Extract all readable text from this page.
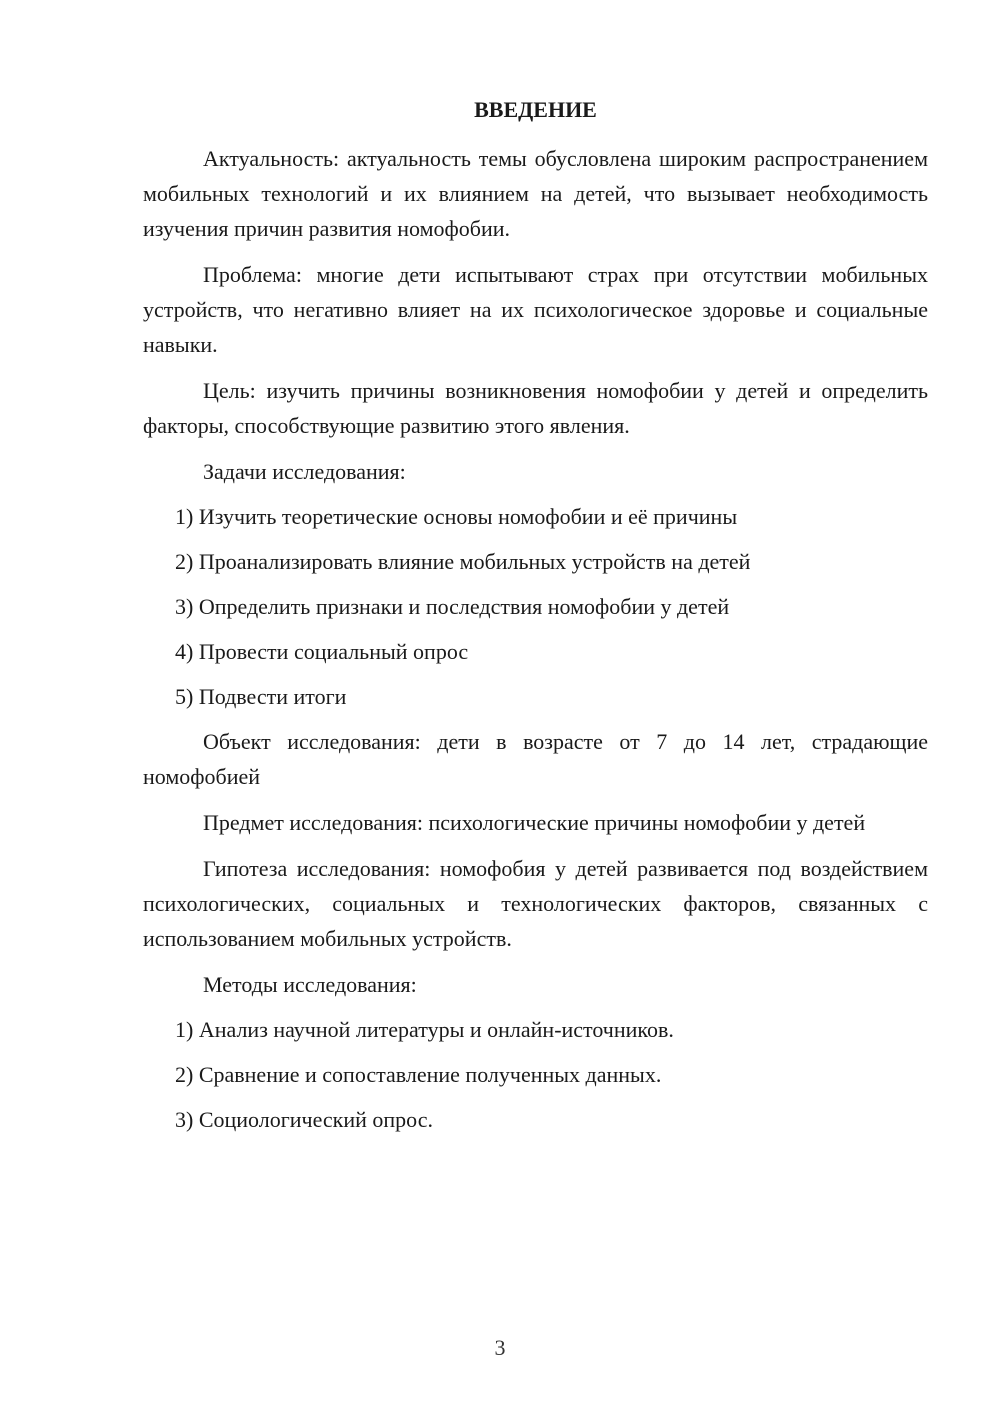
ВВЕДЕНИЕ

Актуальность: актуальность темы обусловлена широким распространением мобильных технологий и их влиянием на детей, что вызывает необходимость изучения причин развития номофобии.

Проблема: многие дети испытывают страх при отсутствии мобильных устройств, что негативно влияет на их психологическое здоровье и социальные навыки.

Цель: изучить причины возникновения номофобии у детей и определить факторы, способствующие развитию этого явления.

Задачи исследования:

1) Изучить теоретические основы номофобии и её причины
2) Проанализировать влияние мобильных устройств на детей
3) Определить признаки и последствия номофобии у детей
4) Провести социальный опрос
5) Подвести итоги

Объект исследования: дети в возрасте от 7 до 14 лет, страдающие номофобией

Предмет исследования: психологические причины номофобии у детей

Гипотеза исследования: номофобия у детей развивается под воздействием психологических, социальных и технологических факторов, связанных с использованием мобильных устройств.

Методы исследования:

1) Анализ научной литературы и онлайн-источников.
2) Сравнение и сопоставление полученных данных.
3) Социологический опрос.
3
